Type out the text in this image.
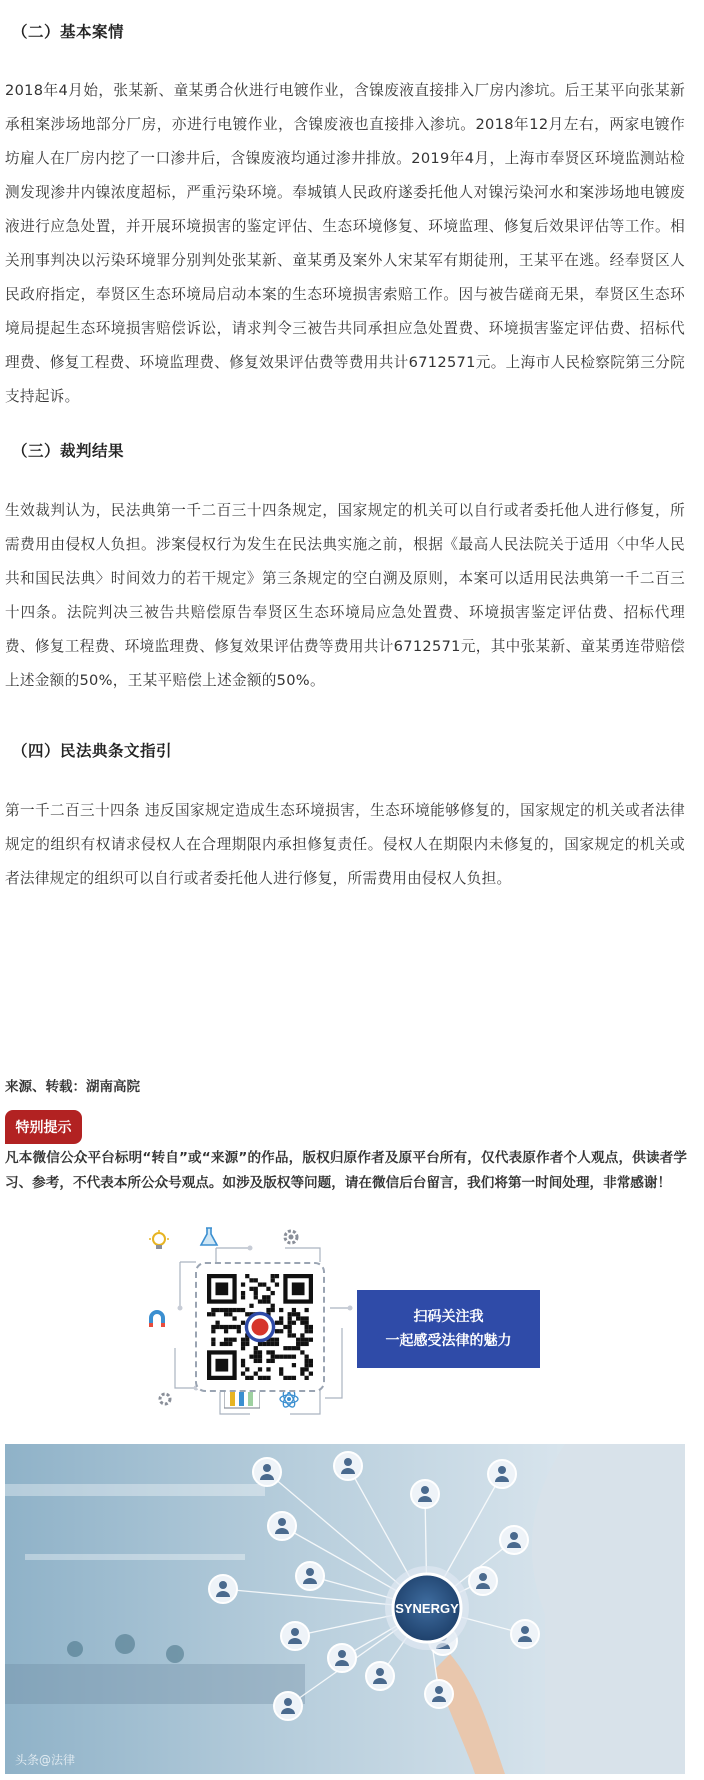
（二）基本案情
2018年4月始，张某新、童某勇合伙进行电镀作业，含镍废液直接排入厂房内渗坑。后王某平向张某新承租案涉场地部分厂房，亦进行电镀作业，含镍废液也直接排入渗坑。2018年12月左右，两家电镀作坊雇人在厂房内挖了一口渗井后，含镍废液均通过渗井排放。2019年4月，上海市奉贤区环境监测站检测发现渗井内镍浓度超标，严重污染环境。奉城镇人民政府遂委托他人对镍污染河水和案涉场地电镀废液进行应急处置，并开展环境损害的鉴定评估、生态环境修复、环境监理、修复后效果评估等工作。相关刑事判决以污染环境罪分别判处张某新、童某勇及案外人宋某军有期徒刑，王某平在逃。经奉贤区人民政府指定，奉贤区生态环境局启动本案的生态环境损害索赔工作。因与被告磋商无果，奉贤区生态环境局提起生态环境损害赔偿诉讼，请求判令三被告共同承担应急处置费、环境损害鉴定评估费、招标代理费、修复工程费、环境监理费、修复效果评估费等费用共计6712571元。上海市人民检察院第三分院支持起诉。
（三）裁判结果
生效裁判认为，民法典第一千二百三十四条规定，国家规定的机关可以自行或者委托他人进行修复，所需费用由侵权人负担。涉案侵权行为发生在民法典实施之前，根据《最高人民法院关于适用〈中华人民共和国民法典〉时间效力的若干规定》第三条规定的空白溯及原则，本案可以适用民法典第一千二百三十四条。法院判决三被告共赔偿原告奉贤区生态环境局应急处置费、环境损害鉴定评估费、招标代理费、修复工程费、环境监理费、修复效果评估费等费用共计6712571元，其中张某新、童某勇连带赔偿上述金额的50%，王某平赔偿上述金额的50%。
（四）民法典条文指引
第一千二百三十四条 违反国家规定造成生态环境损害，生态环境能够修复的，国家规定的机关或者法律规定的组织有权请求侵权人在合理期限内承担修复责任。侵权人在期限内未修复的，国家规定的机关或者法律规定的组织可以自行或者委托他人进行修复，所需费用由侵权人负担。
来源、转载：湖南高院
特别提示
凡本微信公众平台标明“转自”或“来源”的作品，版权归原作者及原平台所有，仅代表原作者个人观点，供读者学习、参考，不代表本所公众号观点。如涉及版权等问题，请在微信后台留言，我们将第一时间处理，非常感谢！
扫码关注我
一起感受法律的魅力
SYNERGY
头条@法律
